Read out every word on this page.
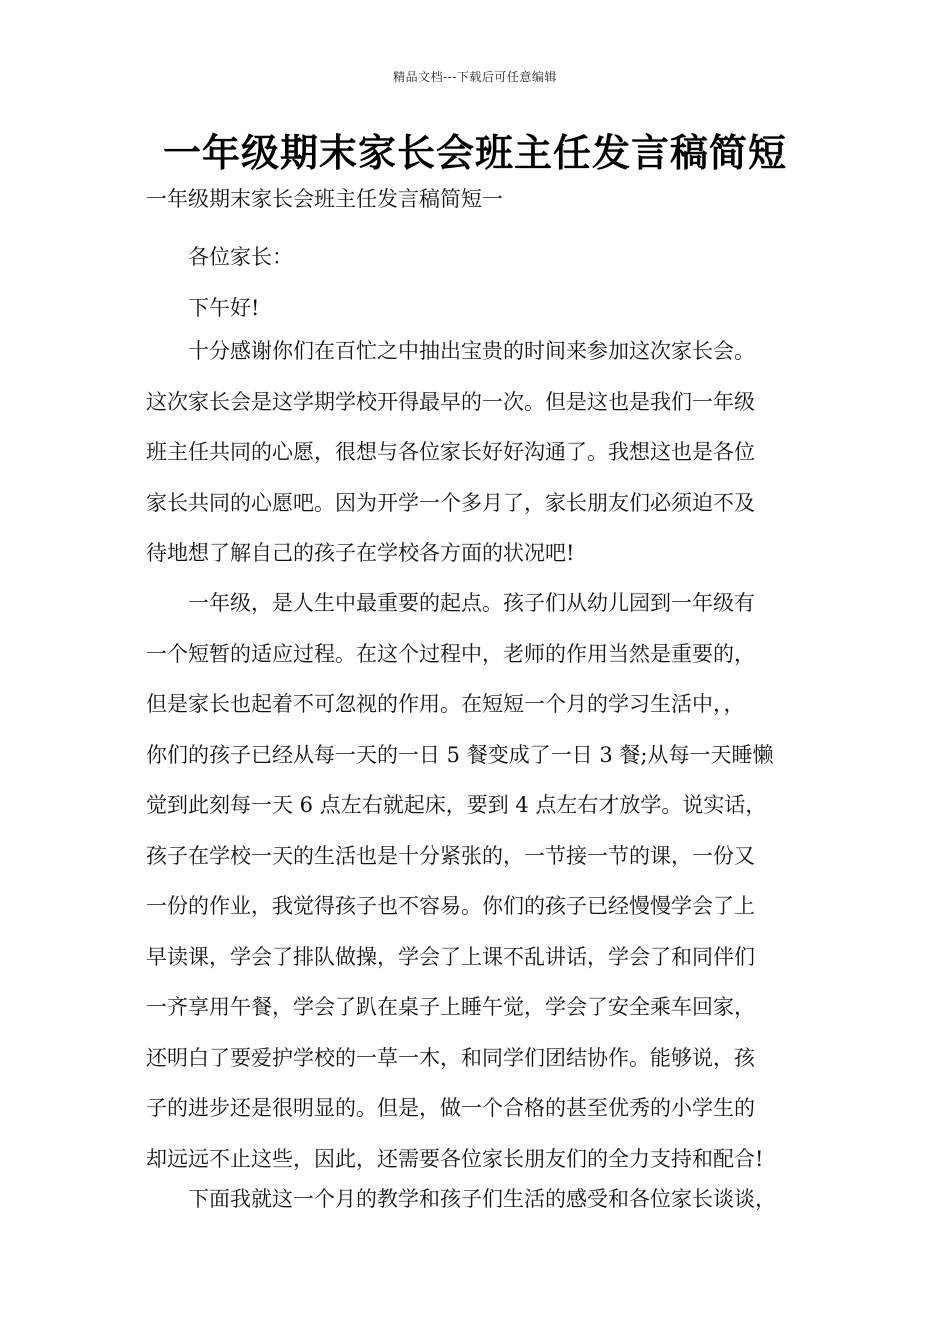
精品文档---下载后可任意编辑
一年级期末家长会班主任发言稿简短
一年级期末家长会班主任发言稿简短一
各位家长：
下午好!
十分感谢你们在百忙之中抽出宝贵的时间来参加这次家长会。
这次家长会是这学期学校开得最早的一次。但是这也是我们一年级
班主任共同的心愿，很想与各位家长好好沟通了。我想这也是各位
家长共同的心愿吧。因为开学一个多月了，家长朋友们必须迫不及
待地想了解自己的孩子在学校各方面的状况吧!
一年级，是人生中最重要的起点。孩子们从幼儿园到一年级有
一个短暂的适应过程。在这个过程中，老师的作用当然是重要的，
但是家长也起着不可忽视的作用。在短短一个月的学习生活中，，
你们的孩子已经从每一天的一日 5 餐变成了一日 3 餐;从每一天睡懒
觉到此刻每一天 6 点左右就起床，要到 4 点左右才放学。说实话，
孩子在学校一天的生活也是十分紧张的，一节接一节的课，一份又
一份的作业，我觉得孩子也不容易。你们的孩子已经慢慢学会了上
早读课，学会了排队做操，学会了上课不乱讲话，学会了和同伴们
一齐享用午餐，学会了趴在桌子上睡午觉，学会了安全乘车回家，
还明白了要爱护学校的一草一木，和同学们团结协作。能够说，孩
子的进步还是很明显的。但是，做一个合格的甚至优秀的小学生的
却远远不止这些，因此，还需要各位家长朋友们的全力支持和配合!
下面我就这一个月的教学和孩子们生活的感受和各位家长谈谈，
